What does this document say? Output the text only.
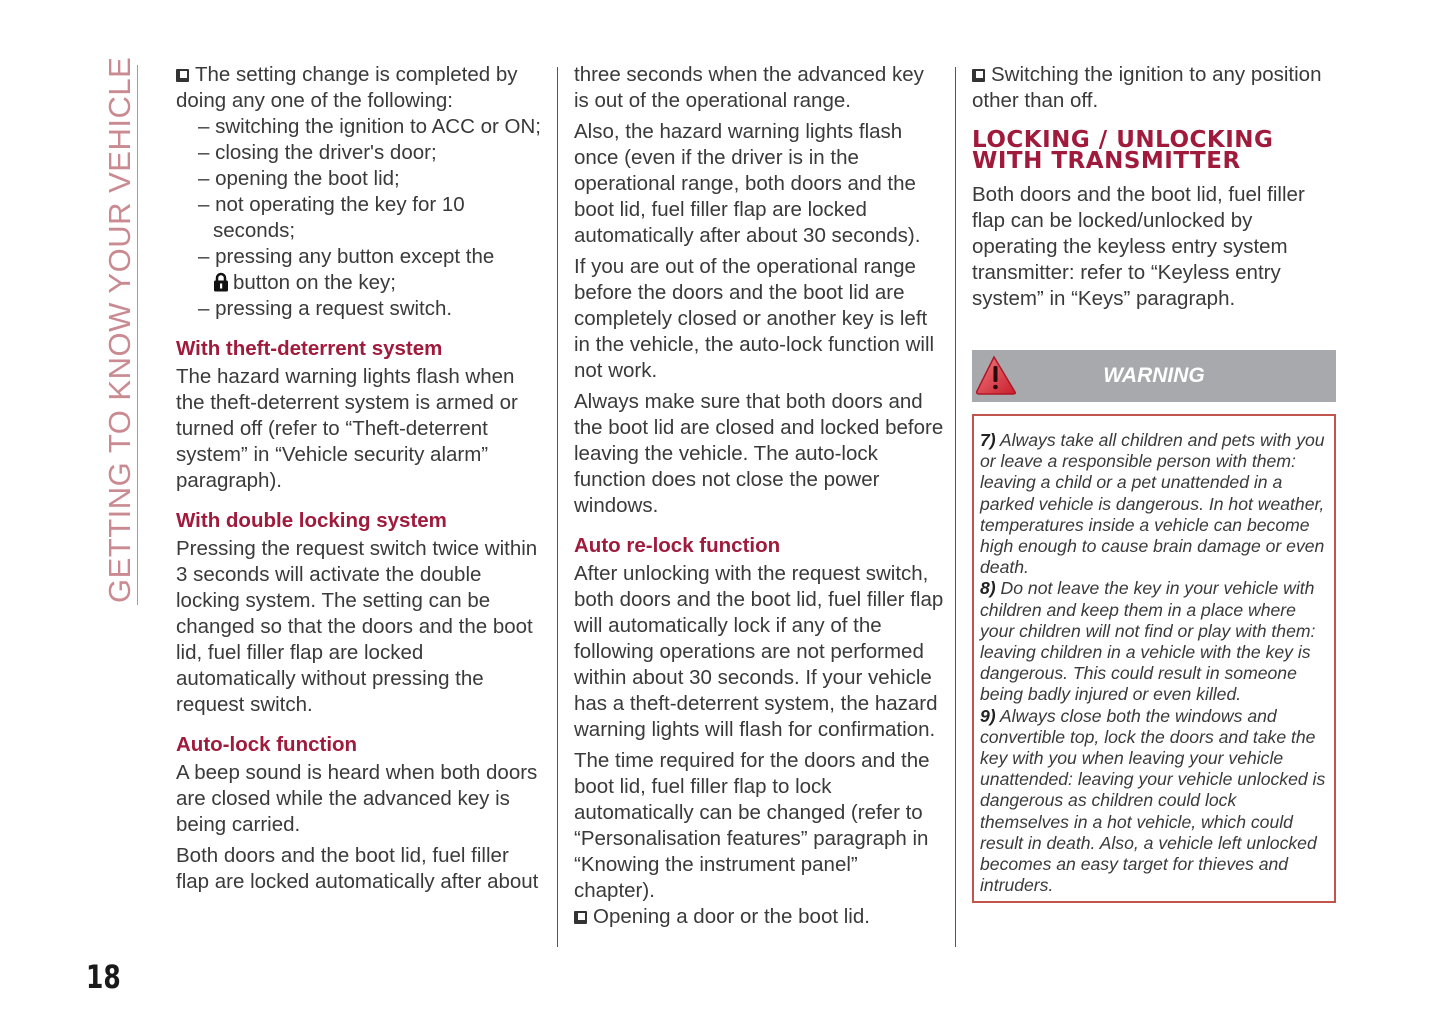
GETTING TO KNOW YOUR VEHICLE	The setting change is completed by doing any one of the following:

– switching the ignition to ACC or ON;
– closing the driver's door;
– opening the boot lid;
– not operating the key for 10 seconds;
– pressing any button except the
button on the key;
– pressing a request switch.
With theft-deterrent system

The hazard warning lights flash when the theft-deterrent system is armed or turned off (refer to “Theft-deterrent system” in “Vehicle security alarm” paragraph).

With double locking system

Pressing the request switch twice within 3 seconds will activate the double locking system. The setting can be changed so that the doors and the boot lid, fuel filler flap are locked automatically without pressing the request switch.

Auto-lock function

A beep sound is heard when both doors are closed while the advanced key is being carried.

Both doors and the boot lid, fuel filler flap are locked automatically after about

three seconds when the advanced key is out of the operational range.

Also, the hazard warning lights flash once (even if the driver is in the operational range, both doors and the boot lid, fuel filler flap are locked automatically after about 30 seconds).

If you are out of the operational range before the doors and the boot lid are completely closed or another key is left in the vehicle, the auto-lock function will not work.

Always make sure that both doors and the boot lid are closed and locked before leaving the vehicle. The auto-lock function does not close the power windows.

Auto re-lock function

After unlocking with the request switch, both doors and the boot lid, fuel filler flap will automatically lock if any of the following operations are not performed within about 30 seconds. If your vehicle has a theft-deterrent system, the hazard warning lights will flash for confirmation.

The time required for the doors and the boot lid, fuel filler flap to lock automatically can be changed (refer to “Personalisation features” paragraph in “Knowing the instrument panel” chapter).

Opening a door or the boot lid.

Switching the ignition to any position other than off.

LOCKING / UNLOCKING
WITH TRANSMITTER

Both doors and the boot lid, fuel filler flap can be locked/unlocked by operating the keyless entry system transmitter: refer to “Keyless entry system” in “Keys” paragraph.

WARNING

7) Always take all children and pets with you or leave a responsible person with them: leaving a child or a pet unattended in a parked vehicle is dangerous. In hot weather, temperatures inside a vehicle can become high enough to cause brain damage or even death.

8) Do not leave the key in your vehicle with children and keep them in a place where your children will not find or play with them: leaving children in a vehicle with the key is dangerous. This could result in someone being badly injured or even killed.

9) Always close both the windows and convertible top, lock the doors and take the key with you when leaving your vehicle unattended: leaving your vehicle unlocked is dangerous as children could lock themselves in a hot vehicle, which could result in death. Also, a vehicle left unlocked becomes an easy target for thieves and intruders.

18
